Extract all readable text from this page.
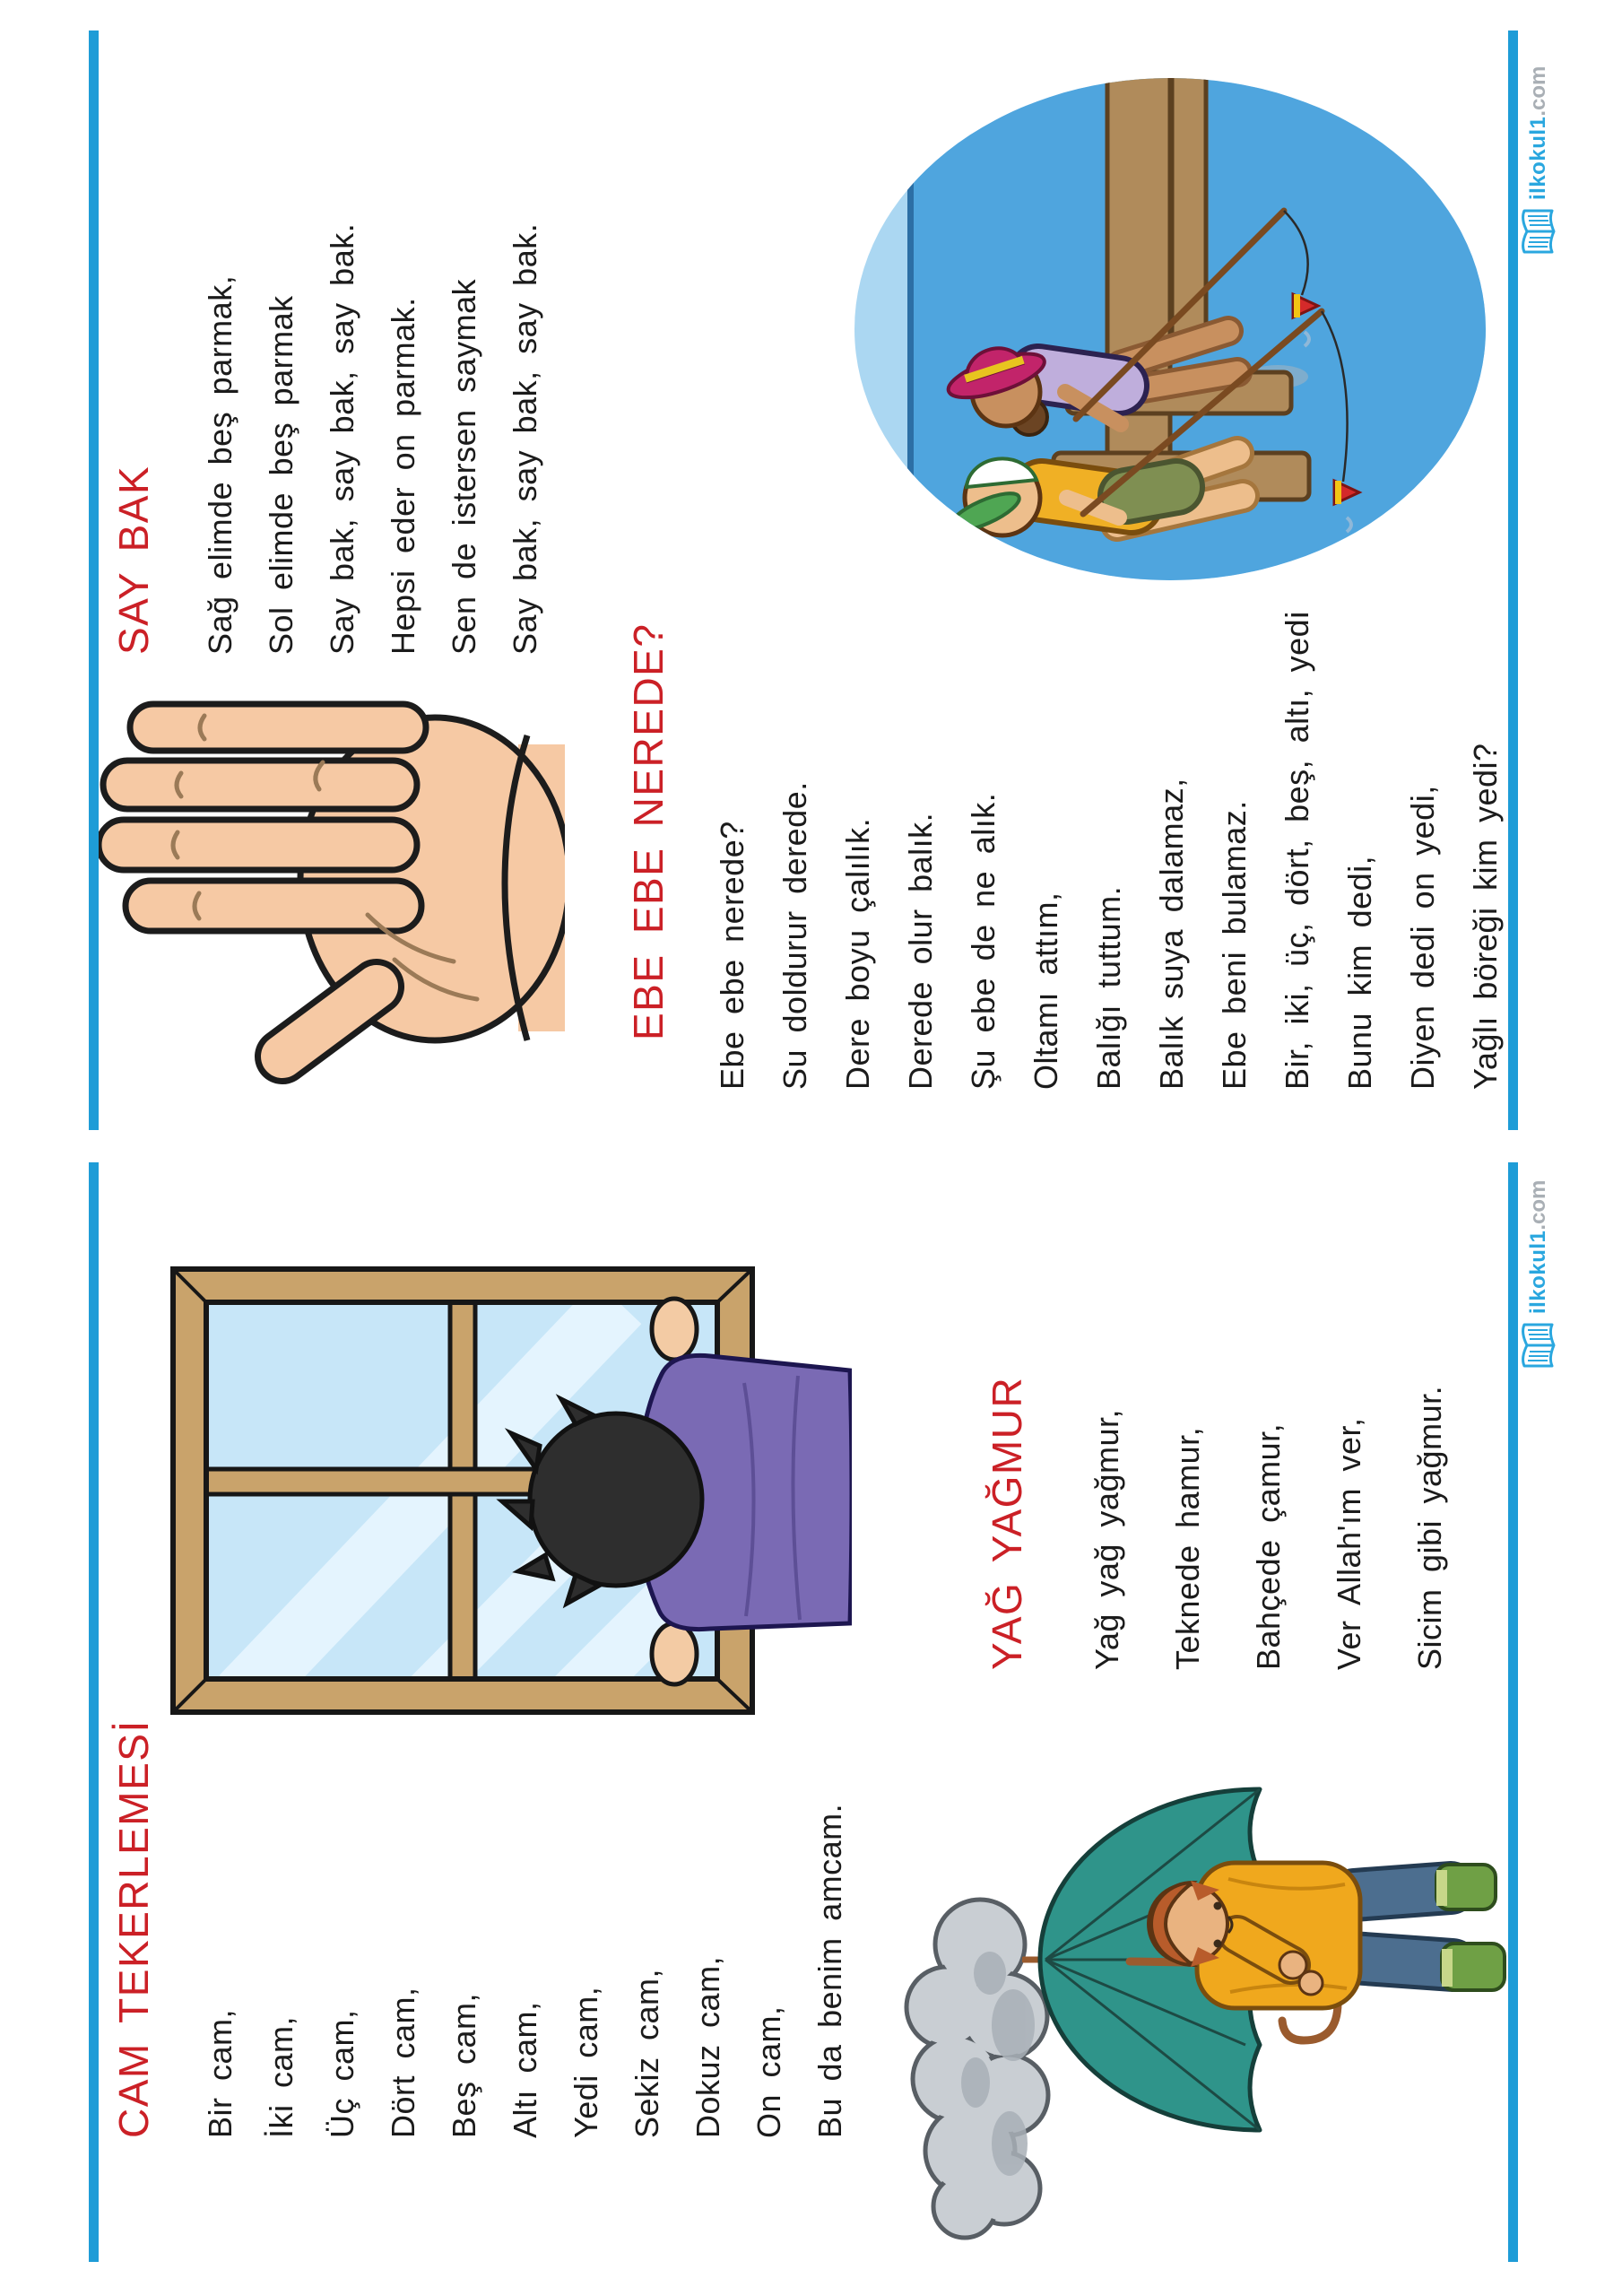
SAY BAK	Sağ elimde beş parmak, Sol elimde beş parmak Say bak, say bak, say bak. Hepsi eder on parmak. Sen de istersen saymak Say bak, say bak, say bak.

EBE EBE NEREDE?	Ebe ebe nerede? Su doldurur derede. Dere boyu çalılık. Derede olur balık. Şu ebe de ne alık. Oltamı attım, Balığı tuttum. Balık suya dalamaz, Ebe beni bulamaz. Bir, iki, üç, dört, beş, altı, yedi Bunu kim dedi, Diyen dedi on yedi, Yağlı böreği kim yedi?

ilkokul1.com
CAM TEKERLEMESİ	Bir cam, İki cam, Üç cam, Dört cam, Beş cam, Altı cam, Yedi cam, Sekiz cam, Dokuz cam, On cam, Bu da benim amcam.

YAĞ YAĞMUR	Yağ yağ yağmur,	Teknede hamur,	Bahçede çamur,	Ver Allah'ım ver,	Sicim gibi yağmur.

ilkokul1.com
